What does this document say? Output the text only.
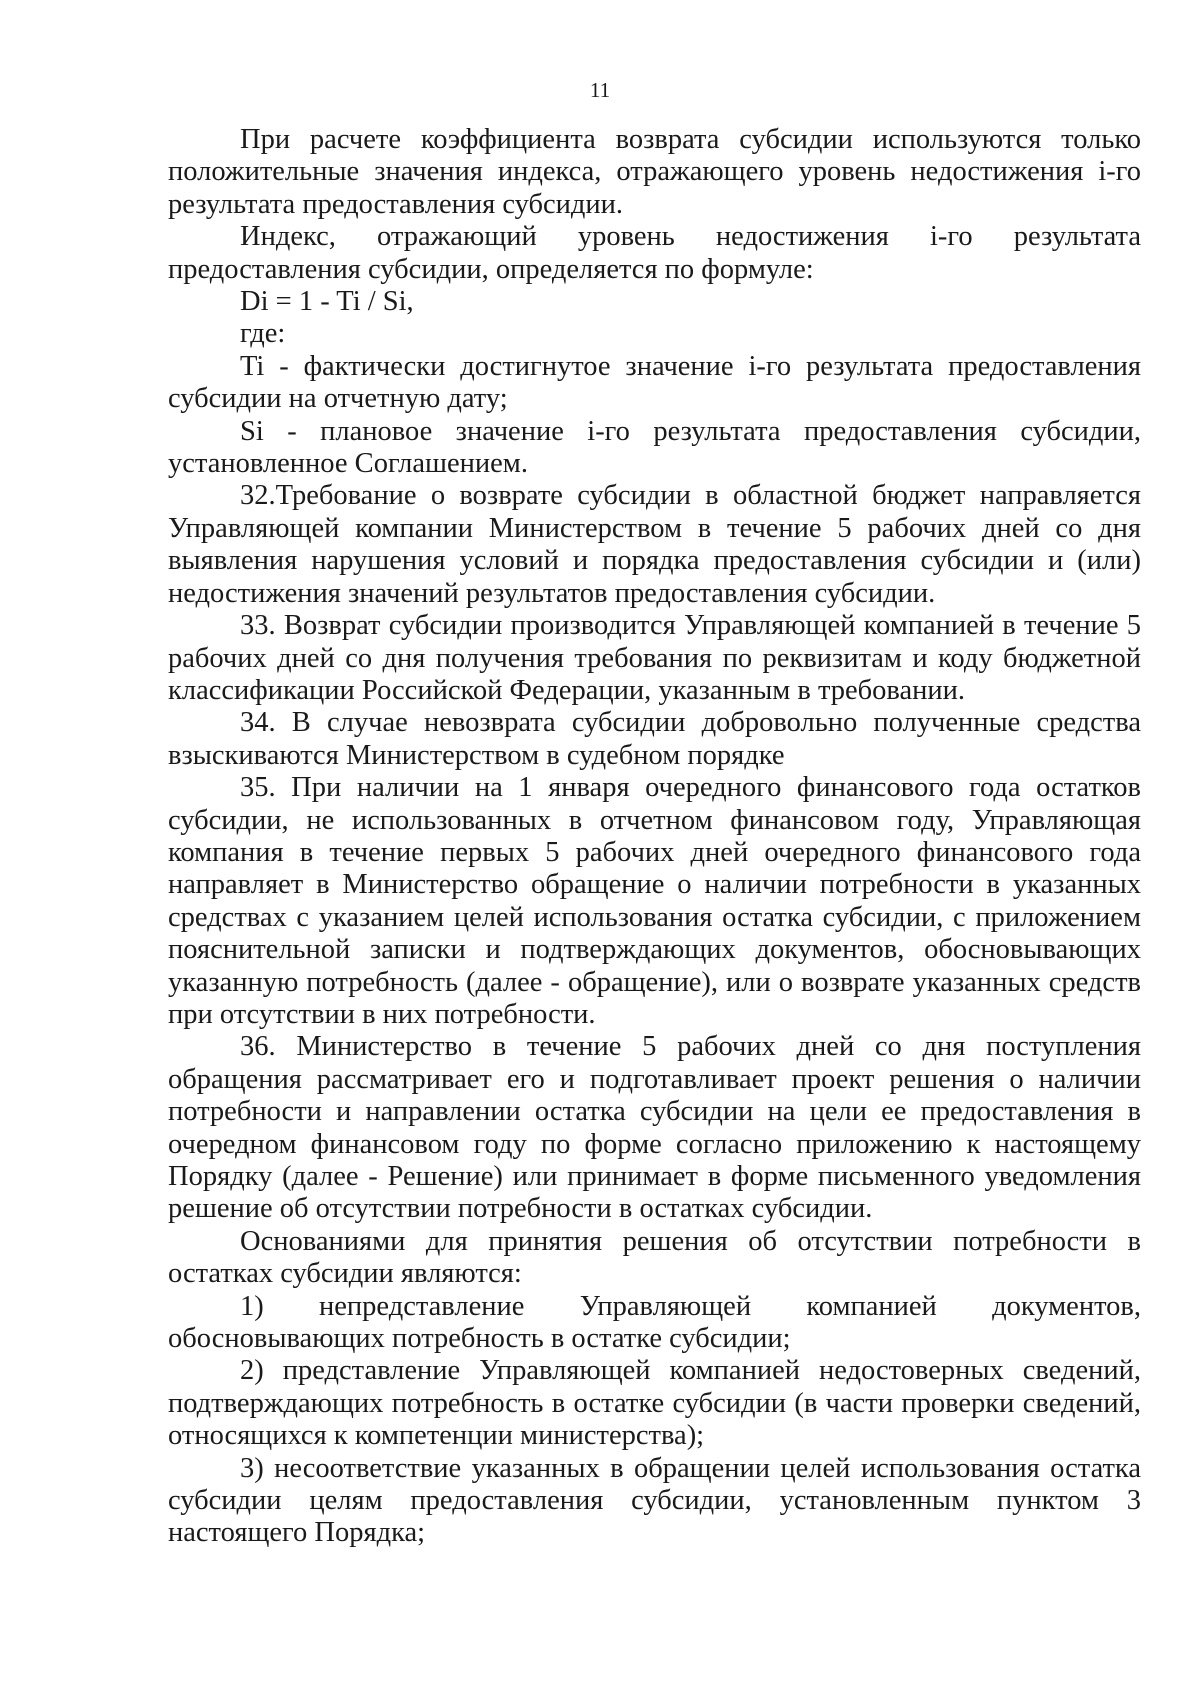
11

При расчете коэффициента возврата субсидии используются только положительные значения индекса, отражающего уровень недостижения i-го результата предоставления субсидии.

Индекс, отражающий уровень недостижения i-го результата предоставления субсидии, определяется по формуле:

Di = 1 - Ti / Si,

где:

Ti - фактически достигнутое значение i-го результата предоставления субсидии на отчетную дату;

Si - плановое значение i-го результата предоставления субсидии, установленное Соглашением.

32.Требование о возврате субсидии в областной бюджет направляется Управляющей компании Министерством в течение 5 рабочих дней со дня выявления нарушения условий и порядка предоставления субсидии и (или) недостижения значений результатов предоставления субсидии.

33. Возврат субсидии производится Управляющей компанией в течение 5 рабочих дней со дня получения требования по реквизитам и коду бюджетной классификации Российской Федерации, указанным в требовании.

34. В случае невозврата субсидии добровольно полученные средства взыскиваются Министерством в судебном порядке

35. При наличии на 1 января очередного финансового года остатков субсидии, не использованных в отчетном финансовом году, Управляющая компания в течение первых 5 рабочих дней очередного финансового года направляет в Министерство обращение о наличии потребности в указанных средствах с указанием целей использования остатка субсидии, с приложением пояснительной записки и подтверждающих документов, обосновывающих указанную потребность (далее - обращение), или о возврате указанных средств при отсутствии в них потребности.

36. Министерство в течение 5 рабочих дней со дня поступления обращения рассматривает его и подготавливает проект решения о наличии потребности и направлении остатка субсидии на цели ее предоставления в очередном финансовом году по форме согласно приложению к настоящему Порядку (далее - Решение) или принимает в форме письменного уведомления решение об отсутствии потребности в остатках субсидии.

Основаниями для принятия решения об отсутствии потребности в остатках субсидии являются:

1) непредставление Управляющей компанией документов, обосновывающих потребность в остатке субсидии;

2) представление Управляющей компанией недостоверных сведений, подтверждающих потребность в остатке субсидии (в части проверки сведений, относящихся к компетенции министерства);

3) несоответствие указанных в обращении целей использования остатка субсидии целям предоставления субсидии, установленным пунктом 3 настоящего Порядка;
